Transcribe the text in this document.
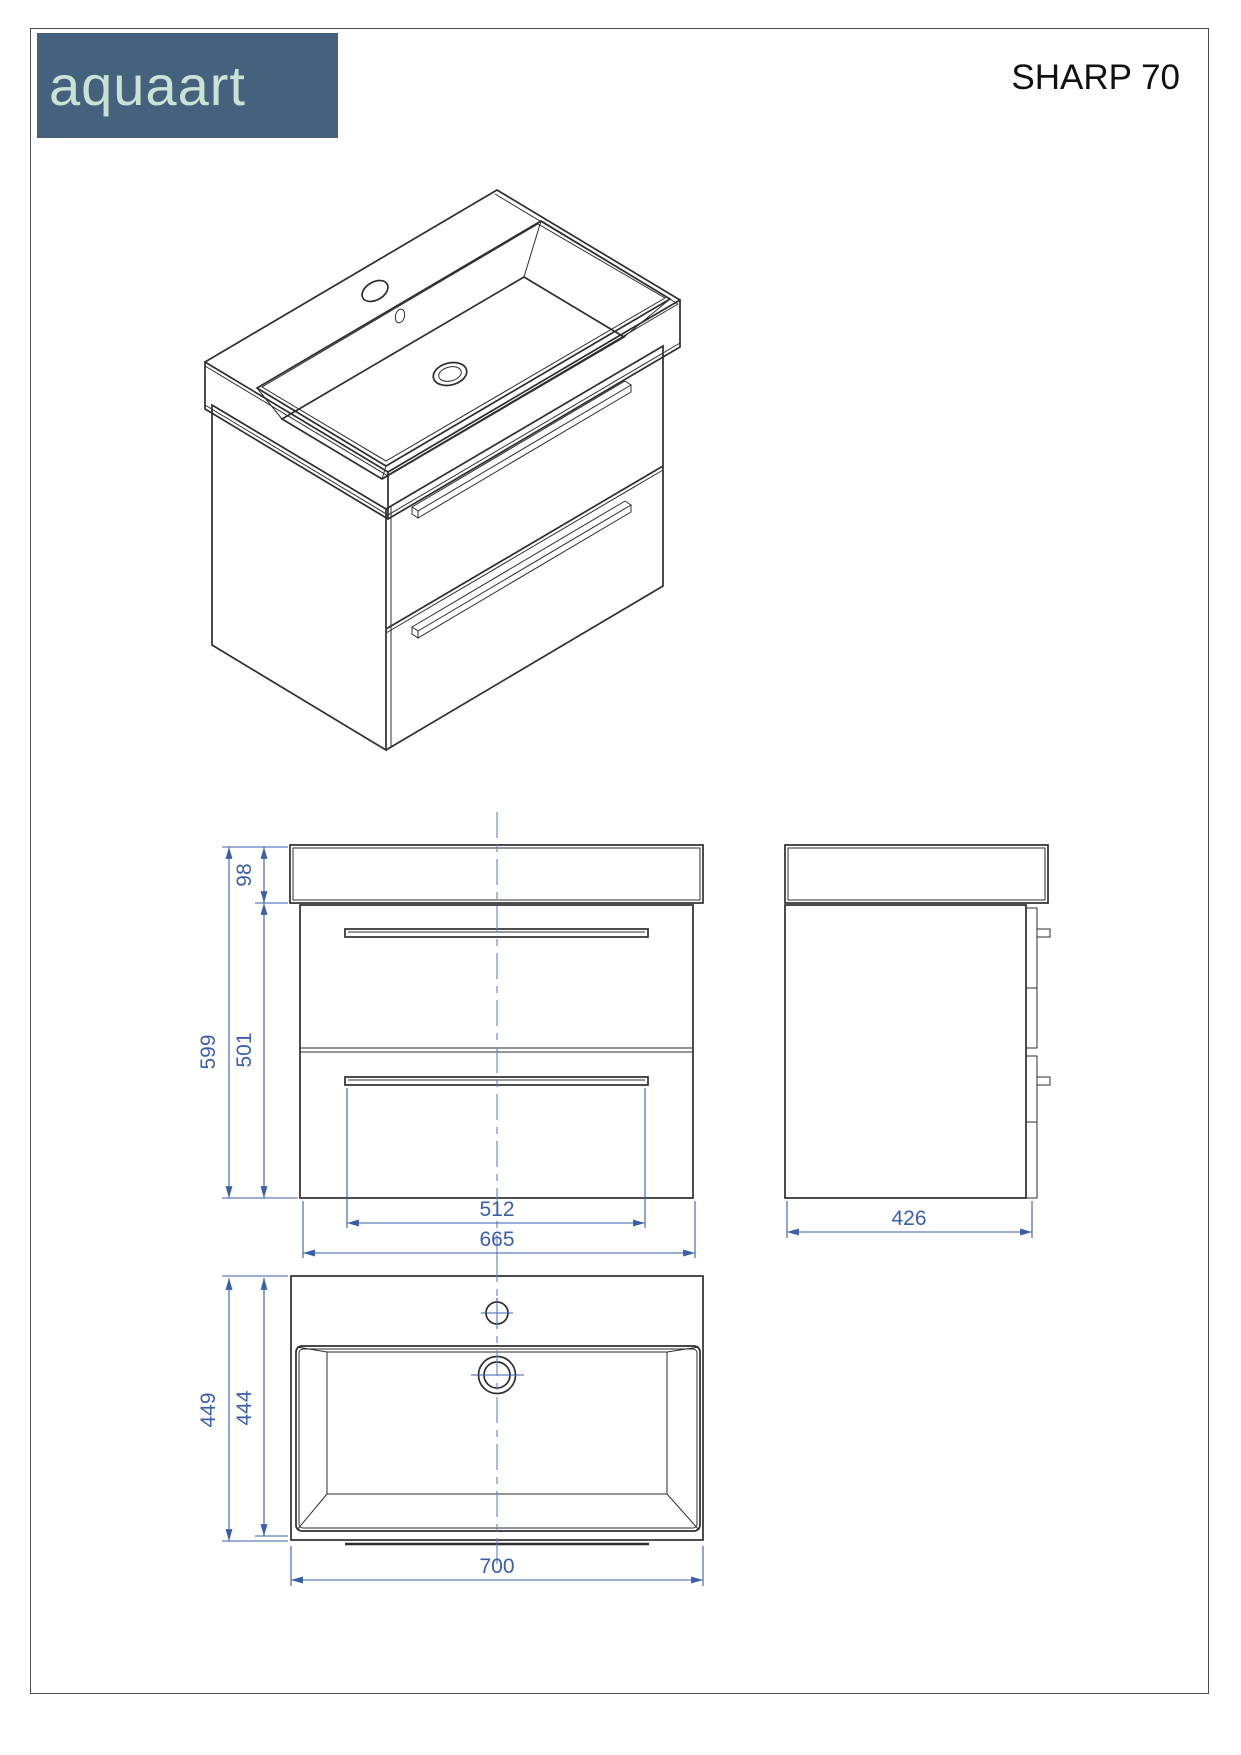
aquaart	SHARP 70
599
98
501
512
665
426
449 444
700
